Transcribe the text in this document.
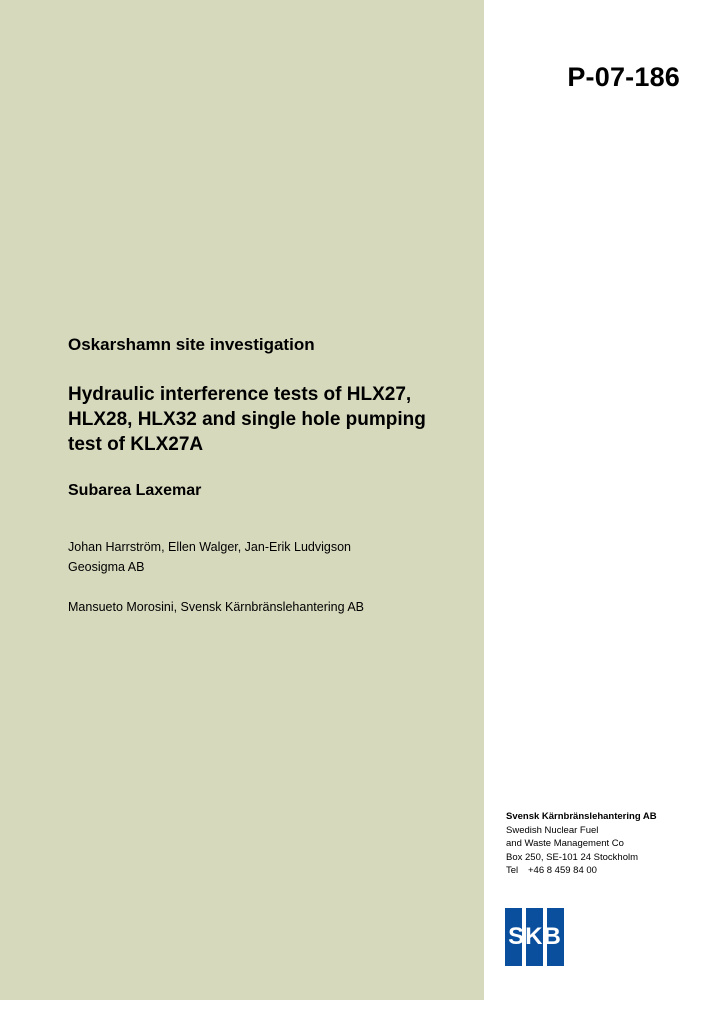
P-07-186
Oskarshamn site investigation
Hydraulic interference tests of HLX27, HLX28, HLX32 and single hole pumping test of KLX27A
Subarea Laxemar
Johan Harrström, Ellen Walger, Jan-Erik Ludvigson
Geosigma AB
Mansueto Morosini, Svensk Kärnbränslehantering AB
Svensk Kärnbränslehantering AB
Swedish Nuclear Fuel
and Waste Management Co
Box 250, SE-101 24 Stockholm
Tel +46 8 459 84 00
SKB
